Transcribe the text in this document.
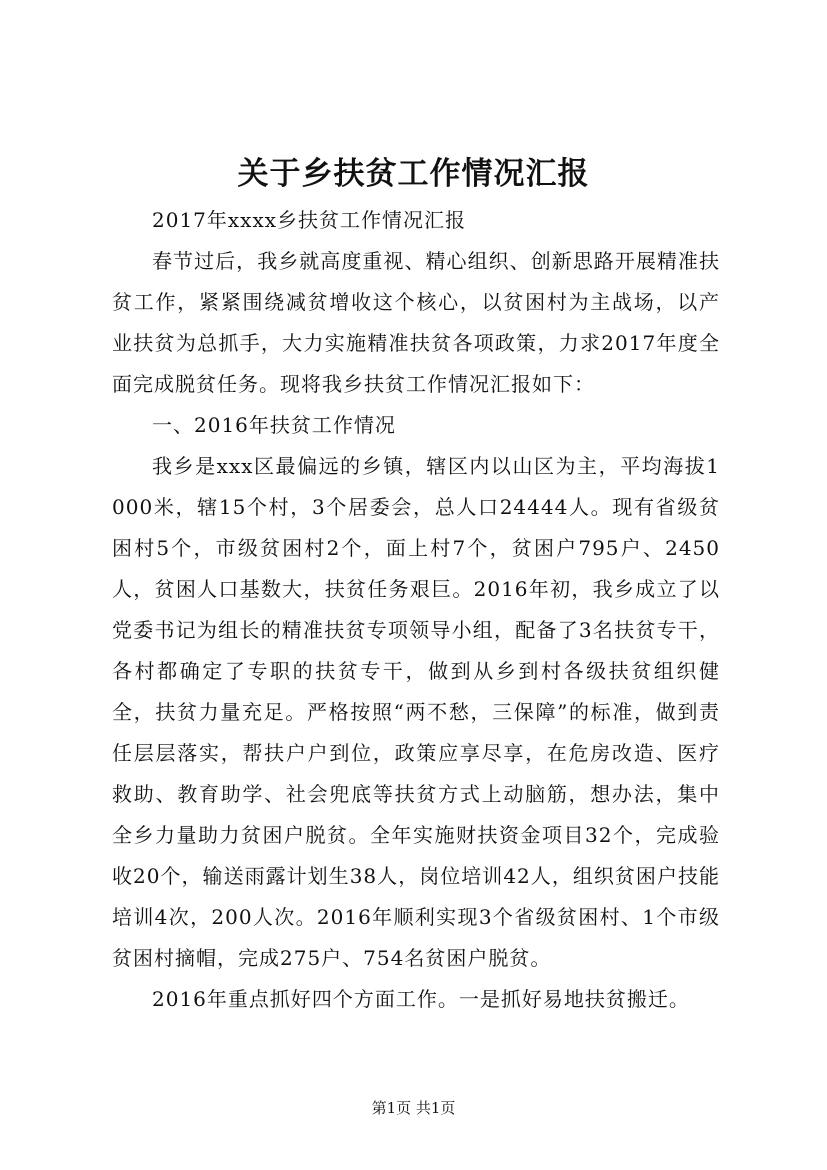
关于乡扶贫工作情况汇报

2017年xxxx乡扶贫工作情况汇报

春节过后，我乡就高度重视、精心组织、创新思路开展精准扶贫工作，紧紧围绕减贫增收这个核心，以贫困村为主战场，以产业扶贫为总抓手，大力实施精准扶贫各项政策，力求2017年度全面完成脱贫任务。现将我乡扶贫工作情况汇报如下：

一、2016年扶贫工作情况

我乡是xxx区最偏远的乡镇，辖区内以山区为主，平均海拔1000米，辖15个村，3个居委会，总人口24444人。现有省级贫困村5个，市级贫困村2个，面上村7个，贫困户795户、2450人，贫困人口基数大，扶贫任务艰巨。2016年初，我乡成立了以党委书记为组长的精准扶贫专项领导小组，配备了3名扶贫专干，各村都确定了专职的扶贫专干，做到从乡到村各级扶贫组织健全，扶贫力量充足。严格按照“两不愁，三保障”的标准，做到责任层层落实，帮扶户户到位，政策应享尽享，在危房改造、医疗救助、教育助学、社会兜底等扶贫方式上动脑筋，想办法，集中全乡力量助力贫困户脱贫。全年实施财扶资金项目32个，完成验收20个，输送雨露计划生38人，岗位培训42人，组织贫困户技能培训4次，200人次。2016年顺利实现3个省级贫困村、1个市级贫困村摘帽，完成275户、754名贫困户脱贫。

2016年重点抓好四个方面工作。一是抓好易地扶贫搬迁。

第1页 共1页
